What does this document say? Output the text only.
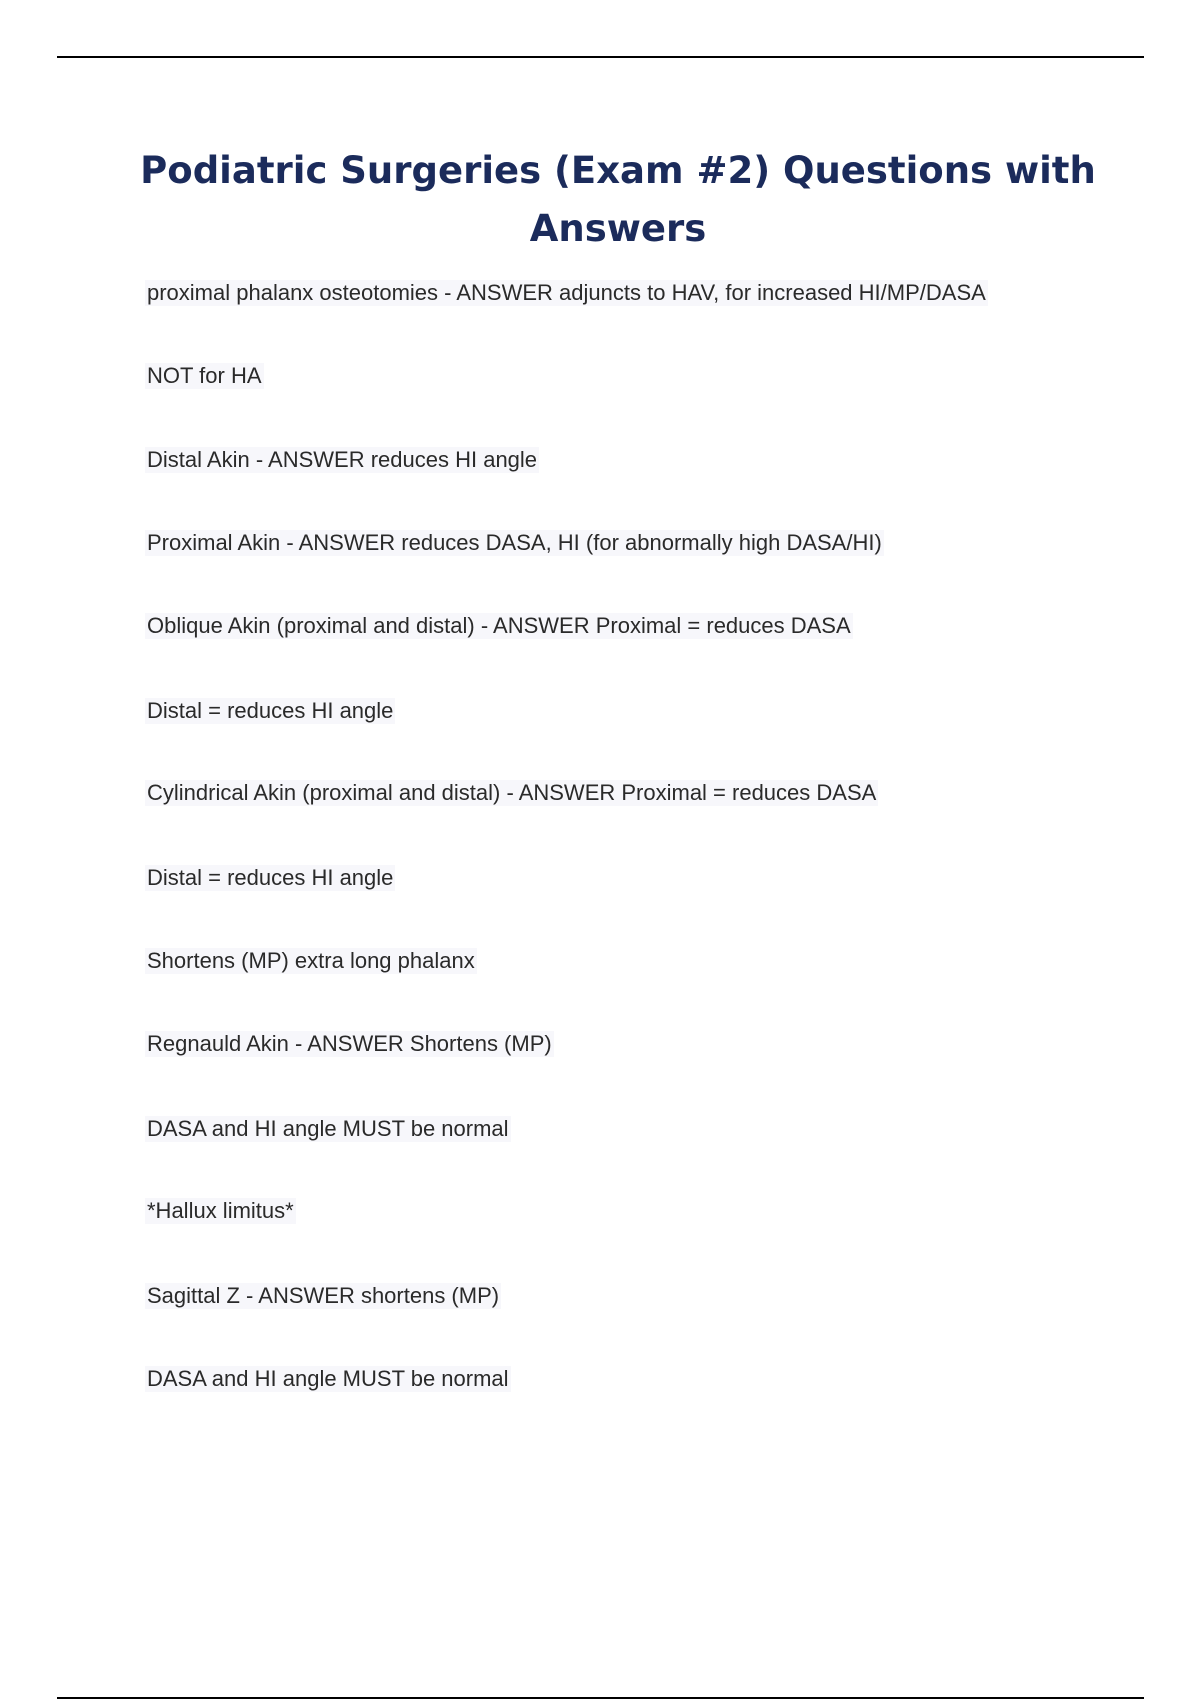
Podiatric Surgeries (Exam #2) Questions with Answers
proximal phalanx osteotomies - ANSWER adjuncts to HAV, for increased HI/MP/DASA
NOT for HA
Distal Akin - ANSWER reduces HI angle
Proximal Akin - ANSWER reduces DASA, HI (for abnormally high DASA/HI)
Oblique Akin (proximal and distal) - ANSWER Proximal = reduces DASA
Distal = reduces HI angle
Cylindrical Akin (proximal and distal) - ANSWER Proximal = reduces DASA
Distal = reduces HI angle
Shortens (MP) extra long phalanx
Regnauld Akin - ANSWER Shortens (MP)
DASA and HI angle MUST be normal
*Hallux limitus*
Sagittal Z - ANSWER shortens (MP)
DASA and HI angle MUST be normal
